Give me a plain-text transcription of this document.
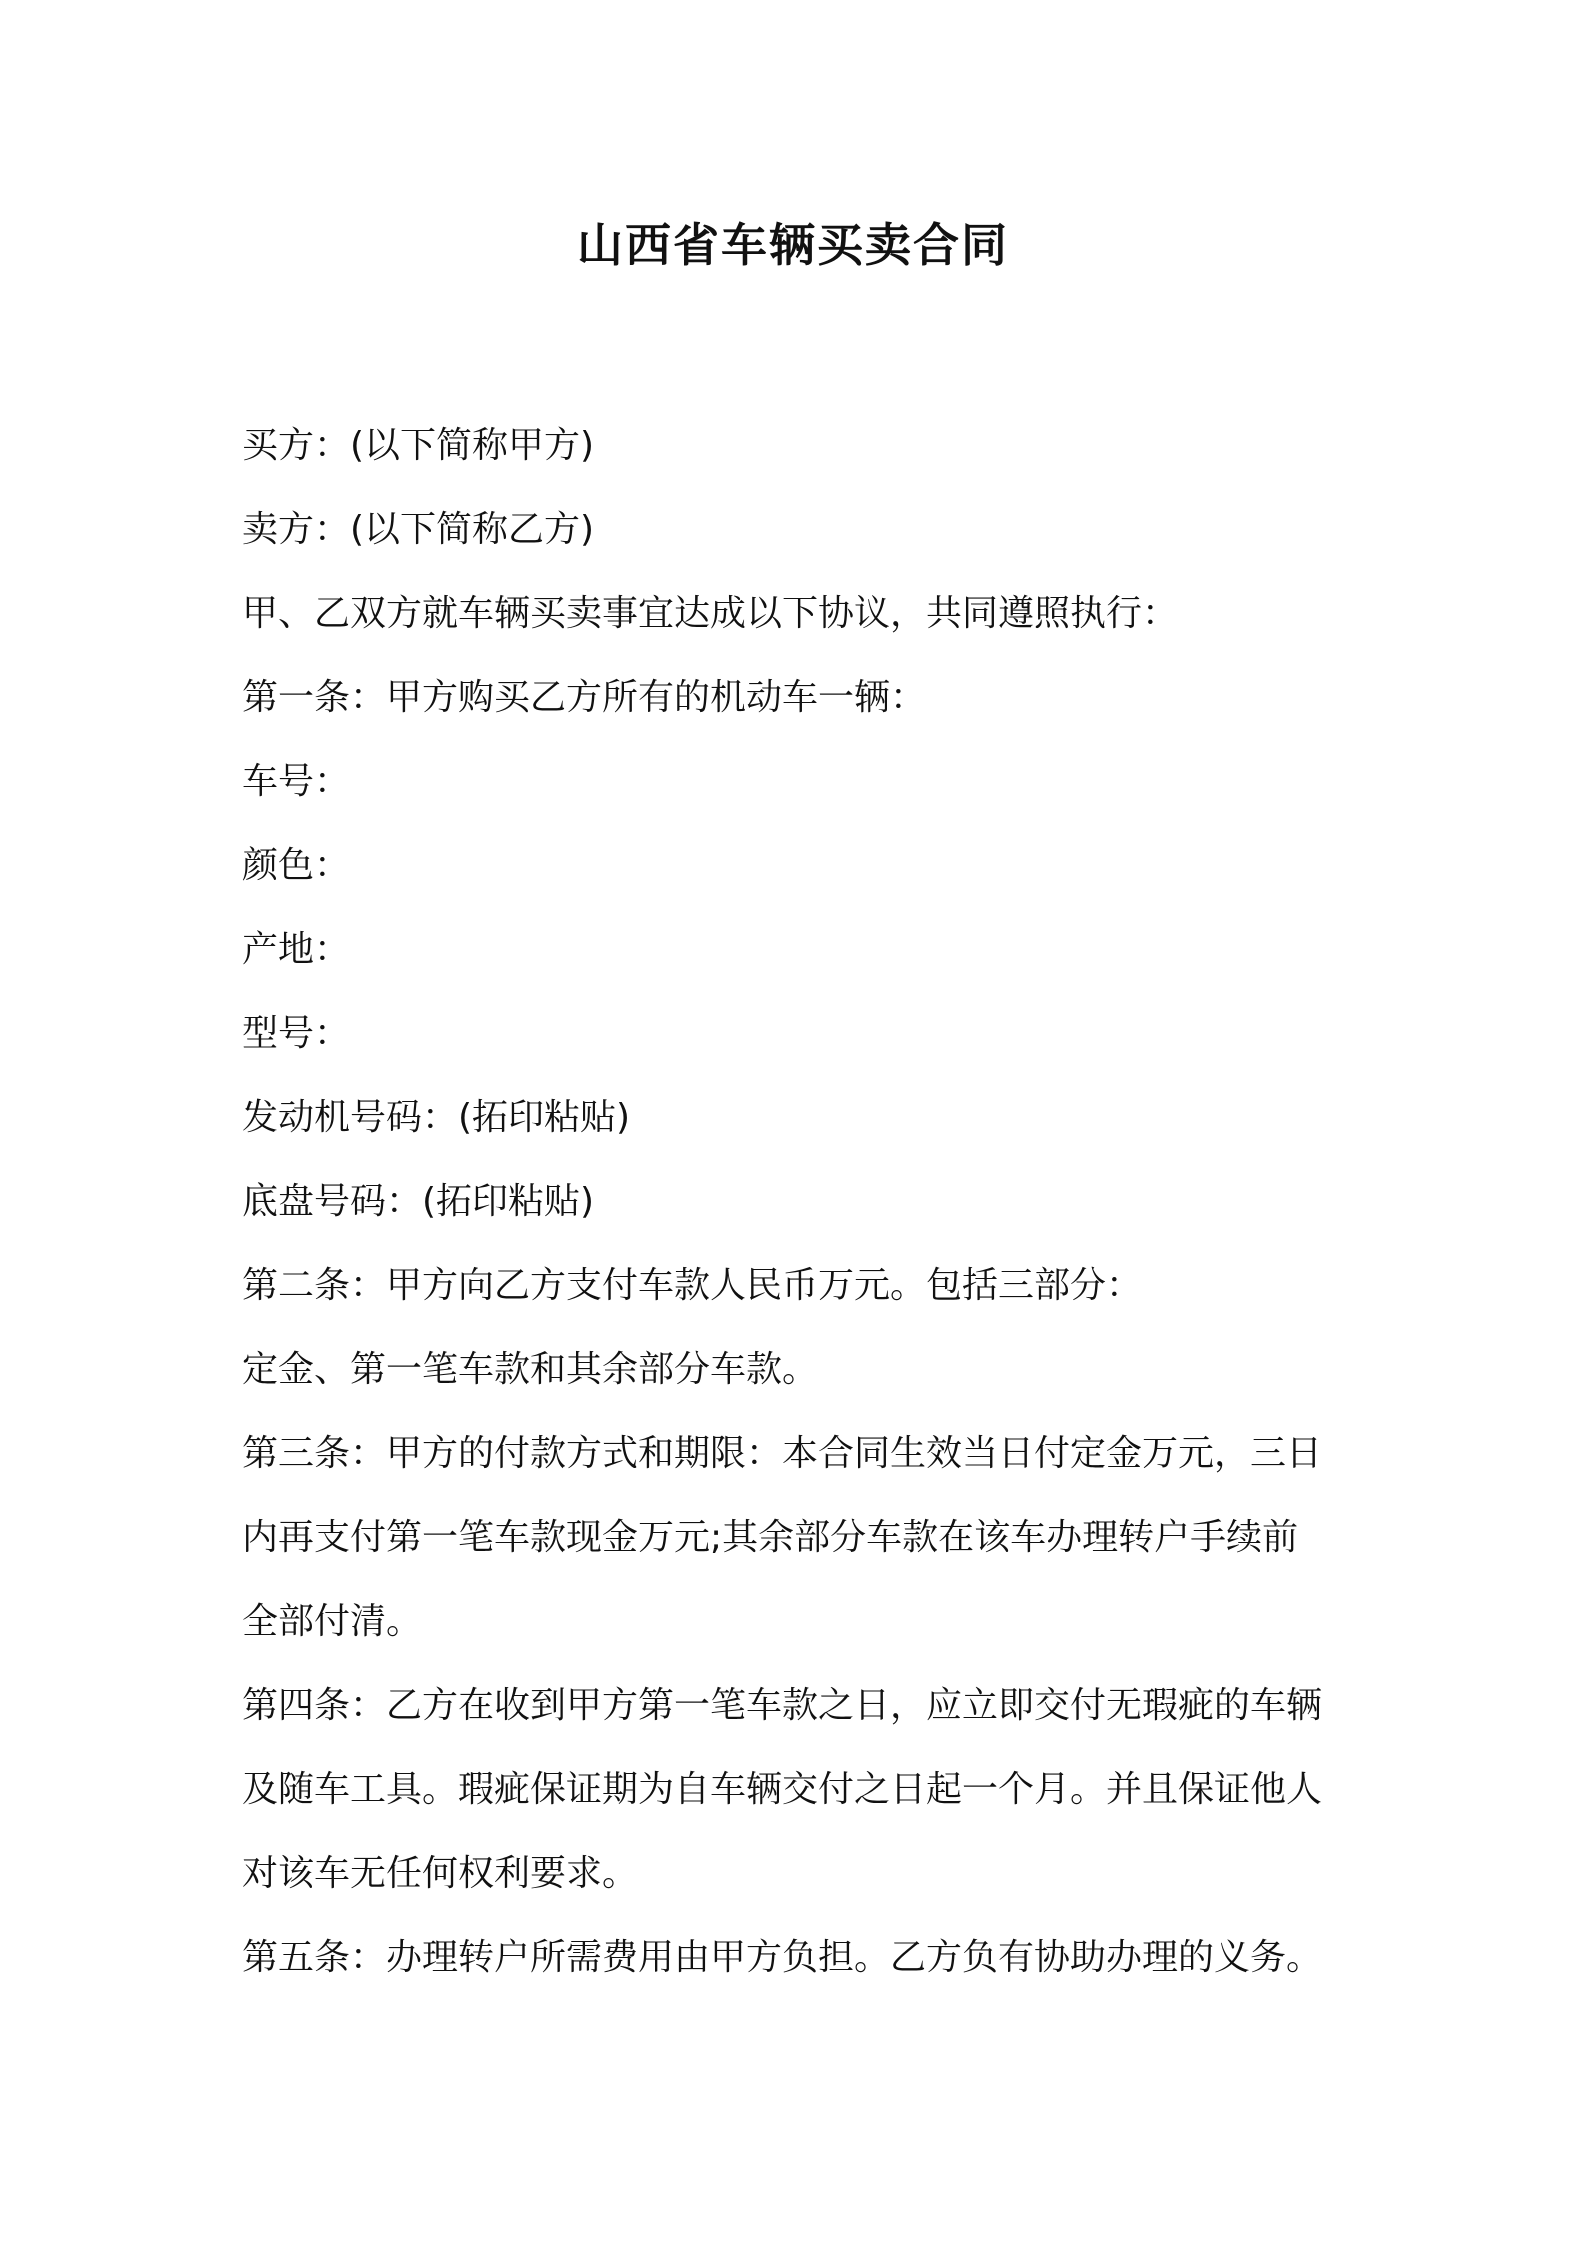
山西省车辆买卖合同

买方：(以下简称甲方)

卖方：(以下简称乙方)

甲、乙双方就车辆买卖事宜达成以下协议，共同遵照执行：

第一条：甲方购买乙方所有的机动车一辆：

车号：

颜色：

产地：

型号：

发动机号码：(拓印粘贴)

底盘号码：(拓印粘贴)

第二条：甲方向乙方支付车款人民币万元。包括三部分：

定金、第一笔车款和其余部分车款。

第三条：甲方的付款方式和期限：本合同生效当日付定金万元，三日

内再支付第一笔车款现金万元;其余部分车款在该车办理转户手续前

全部付清。

第四条：乙方在收到甲方第一笔车款之日，应立即交付无瑕疵的车辆

及随车工具。瑕疵保证期为自车辆交付之日起一个月。并且保证他人

对该车无任何权利要求。

第五条：办理转户所需费用由甲方负担。乙方负有协助办理的义务。
